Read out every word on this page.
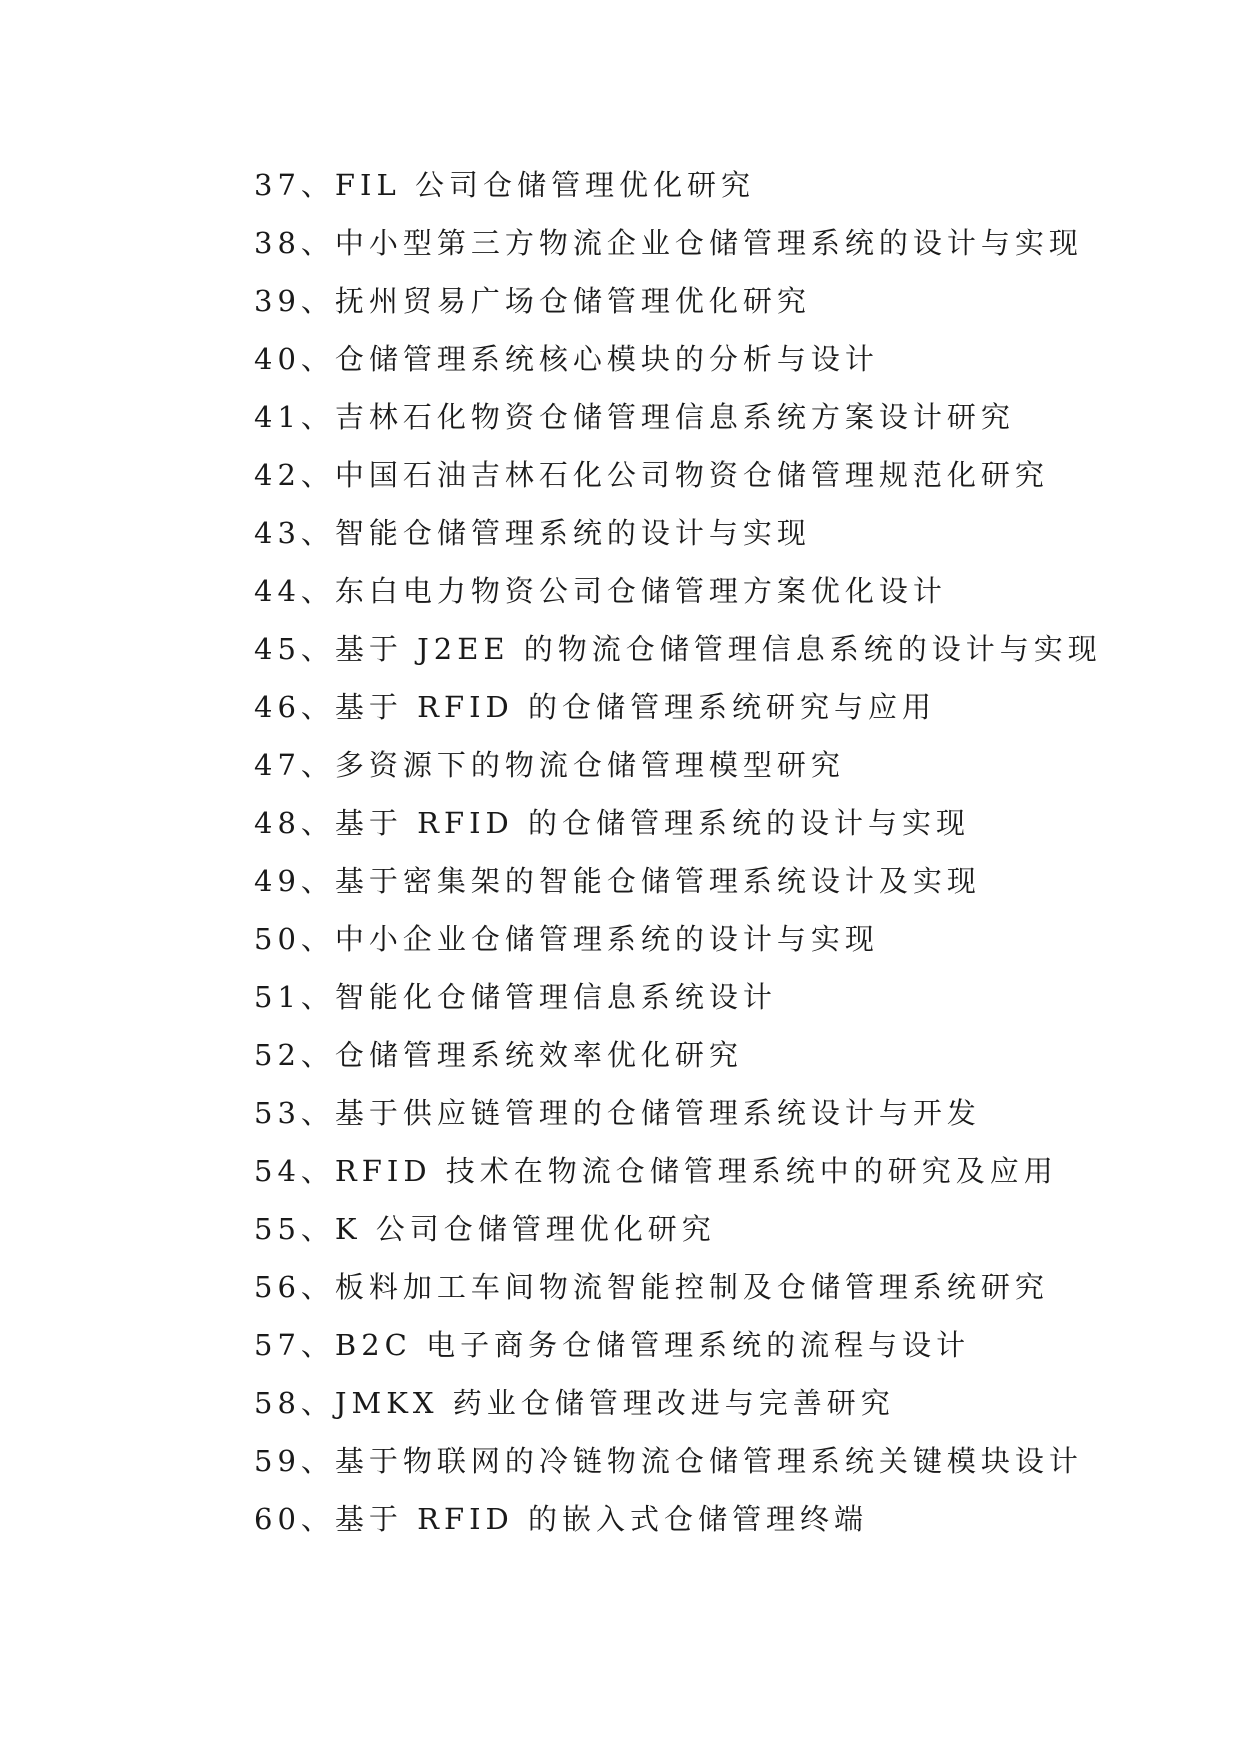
37、FIL 公司仓储管理优化研究
38、中小型第三方物流企业仓储管理系统的设计与实现
39、抚州贸易广场仓储管理优化研究
40、仓储管理系统核心模块的分析与设计
41、吉林石化物资仓储管理信息系统方案设计研究
42、中国石油吉林石化公司物资仓储管理规范化研究
43、智能仓储管理系统的设计与实现
44、东白电力物资公司仓储管理方案优化设计
45、基于 J2EE 的物流仓储管理信息系统的设计与实现
46、基于 RFID 的仓储管理系统研究与应用
47、多资源下的物流仓储管理模型研究
48、基于 RFID 的仓储管理系统的设计与实现
49、基于密集架的智能仓储管理系统设计及实现
50、中小企业仓储管理系统的设计与实现
51、智能化仓储管理信息系统设计
52、仓储管理系统效率优化研究
53、基于供应链管理的仓储管理系统设计与开发
54、RFID 技术在物流仓储管理系统中的研究及应用
55、K 公司仓储管理优化研究
56、板料加工车间物流智能控制及仓储管理系统研究
57、B2C 电子商务仓储管理系统的流程与设计
58、JMKX 药业仓储管理改进与完善研究
59、基于物联网的冷链物流仓储管理系统关键模块设计
60、基于 RFID 的嵌入式仓储管理终端
